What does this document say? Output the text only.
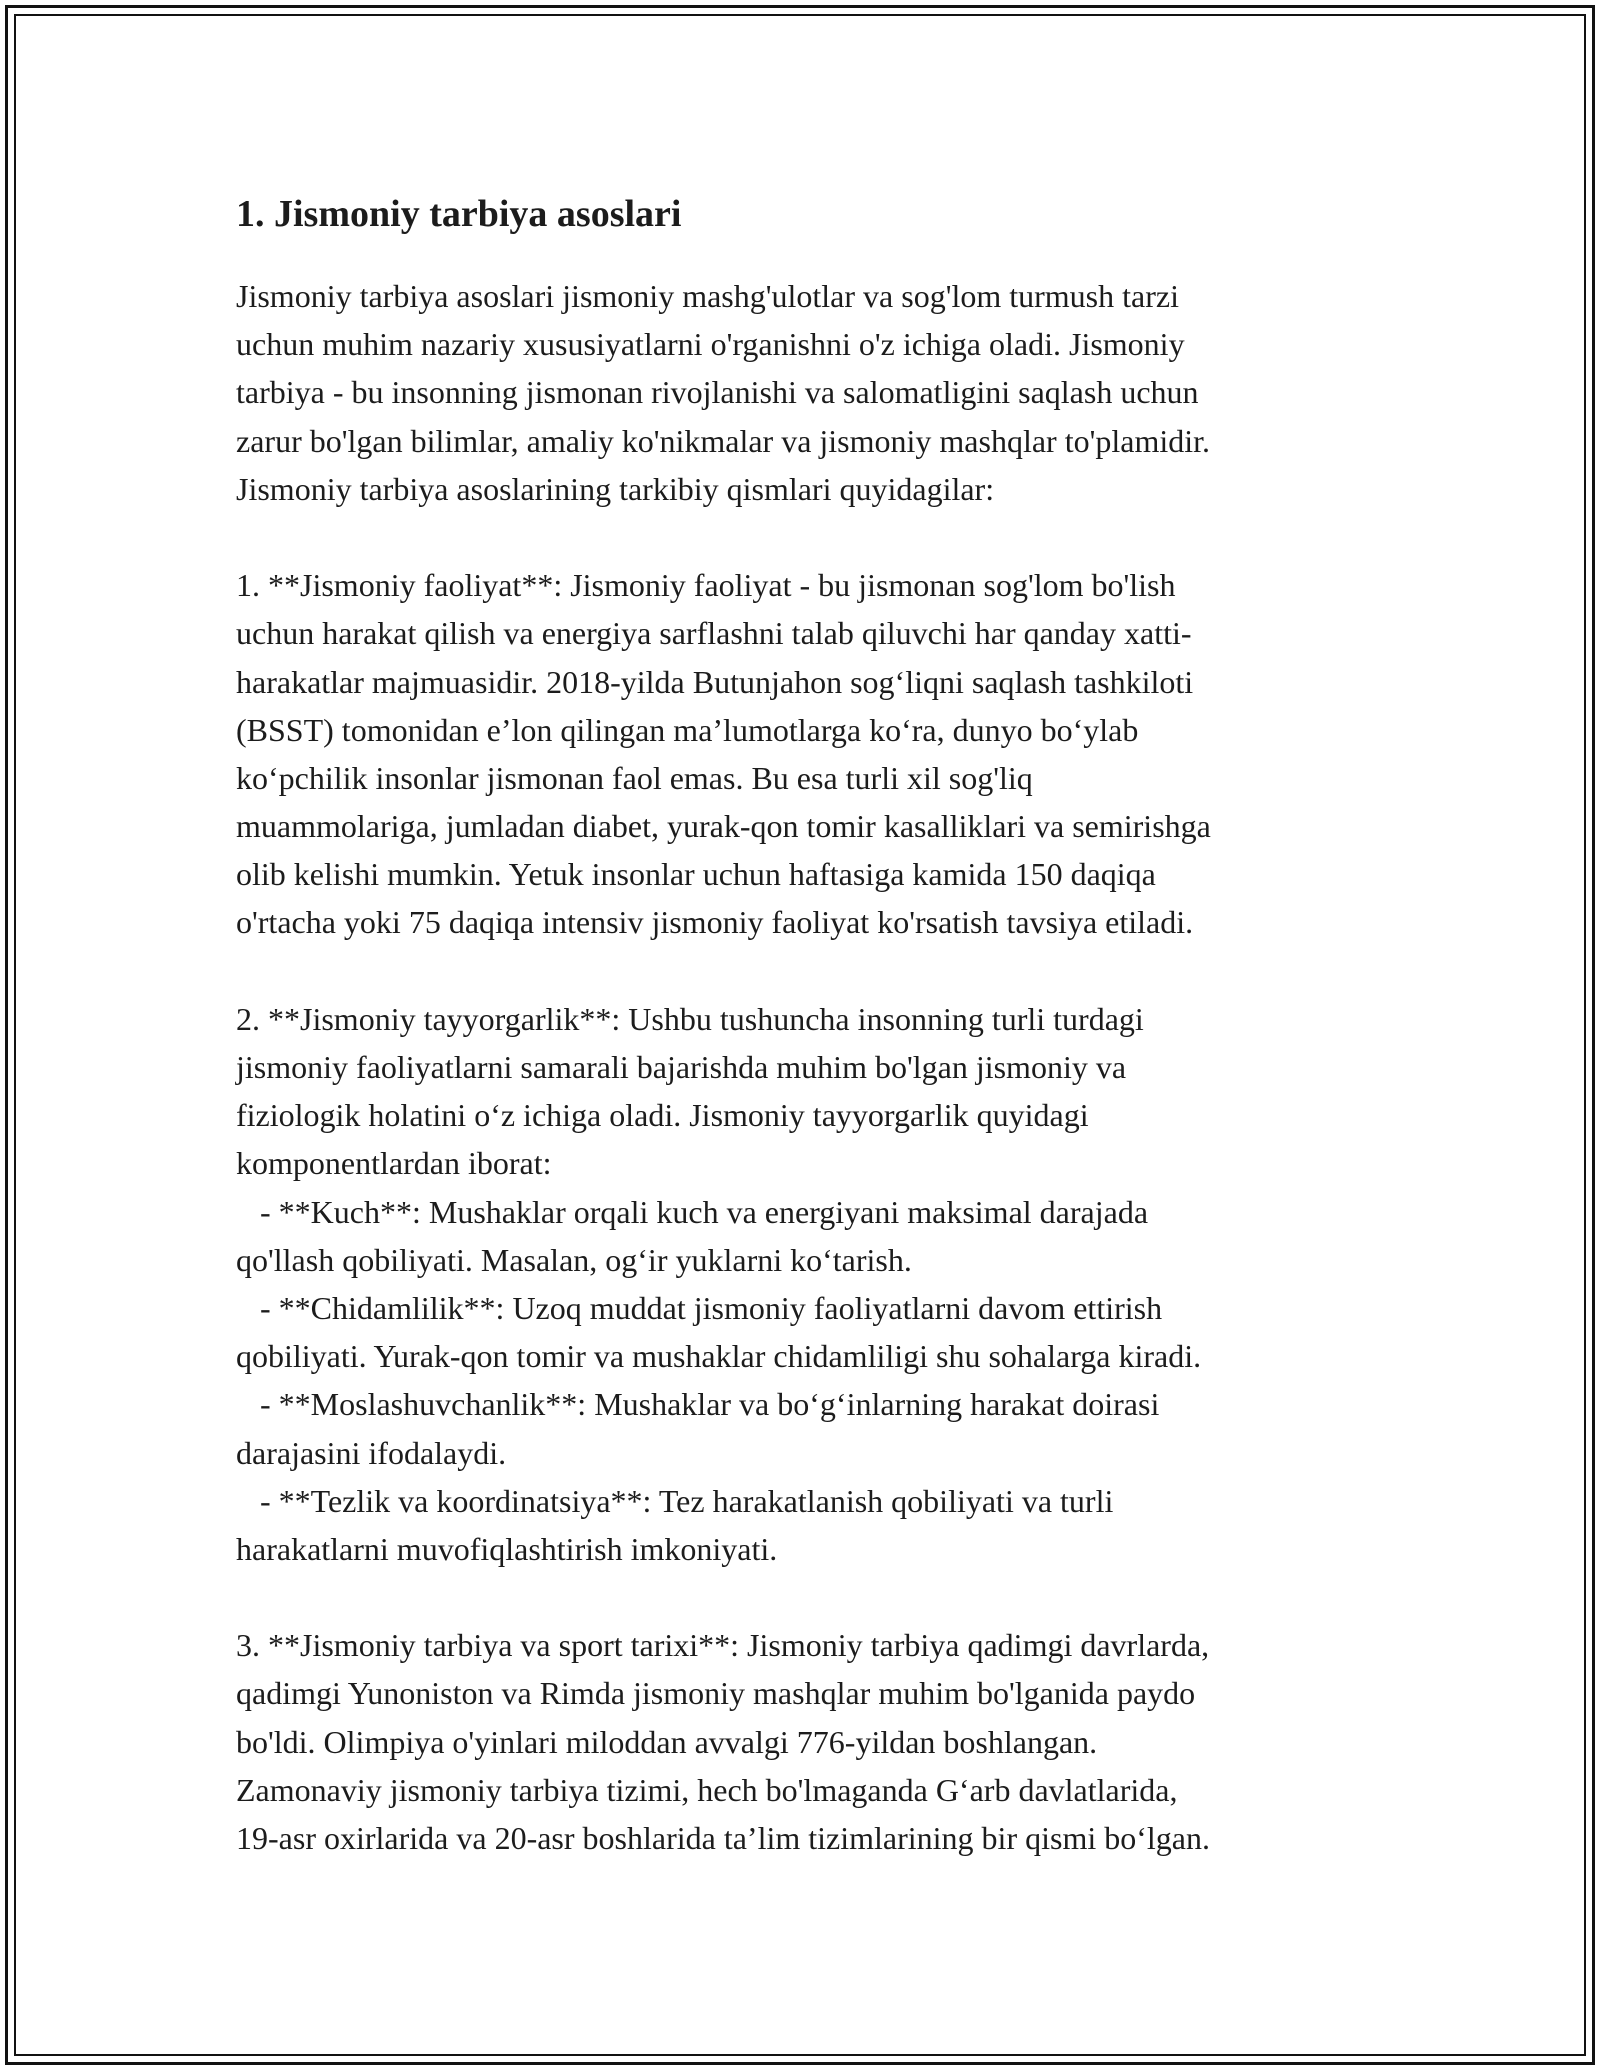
1. Jismoniy tarbiya asoslari
Jismoniy tarbiya asoslari jismoniy mashg'ulotlar va sog'lom turmush tarzi
uchun muhim nazariy xususiyatlarni o'rganishni o'z ichiga oladi. Jismoniy
tarbiya - bu insonning jismonan rivojlanishi va salomatligini saqlash uchun
zarur bo'lgan bilimlar, amaliy ko'nikmalar va jismoniy mashqlar to'plamidir.
Jismoniy tarbiya asoslarining tarkibiy qismlari quyidagilar:
1. **Jismoniy faoliyat**: Jismoniy faoliyat - bu jismonan sog'lom bo'lish
uchun harakat qilish va energiya sarflashni talab qiluvchi har qanday xatti-
harakatlar majmuasidir. 2018-yilda Butunjahon sog‘liqni saqlash tashkiloti
(BSST) tomonidan e’lon qilingan ma’lumotlarga ko‘ra, dunyo bo‘ylab
ko‘pchilik insonlar jismonan faol emas. Bu esa turli xil sog'liq
muammolariga, jumladan diabet, yurak-qon tomir kasalliklari va semirishga
olib kelishi mumkin. Yetuk insonlar uchun haftasiga kamida 150 daqiqa
o'rtacha yoki 75 daqiqa intensiv jismoniy faoliyat ko'rsatish tavsiya etiladi.
2. **Jismoniy tayyorgarlik**: Ushbu tushuncha insonning turli turdagi
jismoniy faoliyatlarni samarali bajarishda muhim bo'lgan jismoniy va
fiziologik holatini o‘z ichiga oladi. Jismoniy tayyorgarlik quyidagi
komponentlardan iborat:
- **Kuch**: Mushaklar orqali kuch va energiyani maksimal darajada
qo'llash qobiliyati. Masalan, og‘ir yuklarni ko‘tarish.
- **Chidamlilik**: Uzoq muddat jismoniy faoliyatlarni davom ettirish
qobiliyati. Yurak-qon tomir va mushaklar chidamliligi shu sohalarga kiradi.
- **Moslashuvchanlik**: Mushaklar va bo‘g‘inlarning harakat doirasi
darajasini ifodalaydi.
- **Tezlik va koordinatsiya**: Tez harakatlanish qobiliyati va turli
harakatlarni muvofiqlashtirish imkoniyati.
3. **Jismoniy tarbiya va sport tarixi**: Jismoniy tarbiya qadimgi davrlarda,
qadimgi Yunoniston va Rimda jismoniy mashqlar muhim bo'lganida paydo
bo'ldi. Olimpiya o'yinlari miloddan avvalgi 776-yildan boshlangan.
Zamonaviy jismoniy tarbiya tizimi, hech bo'lmaganda G‘arb davlatlarida,
19-asr oxirlarida va 20-asr boshlarida ta’lim tizimlarining bir qismi bo‘lgan.
